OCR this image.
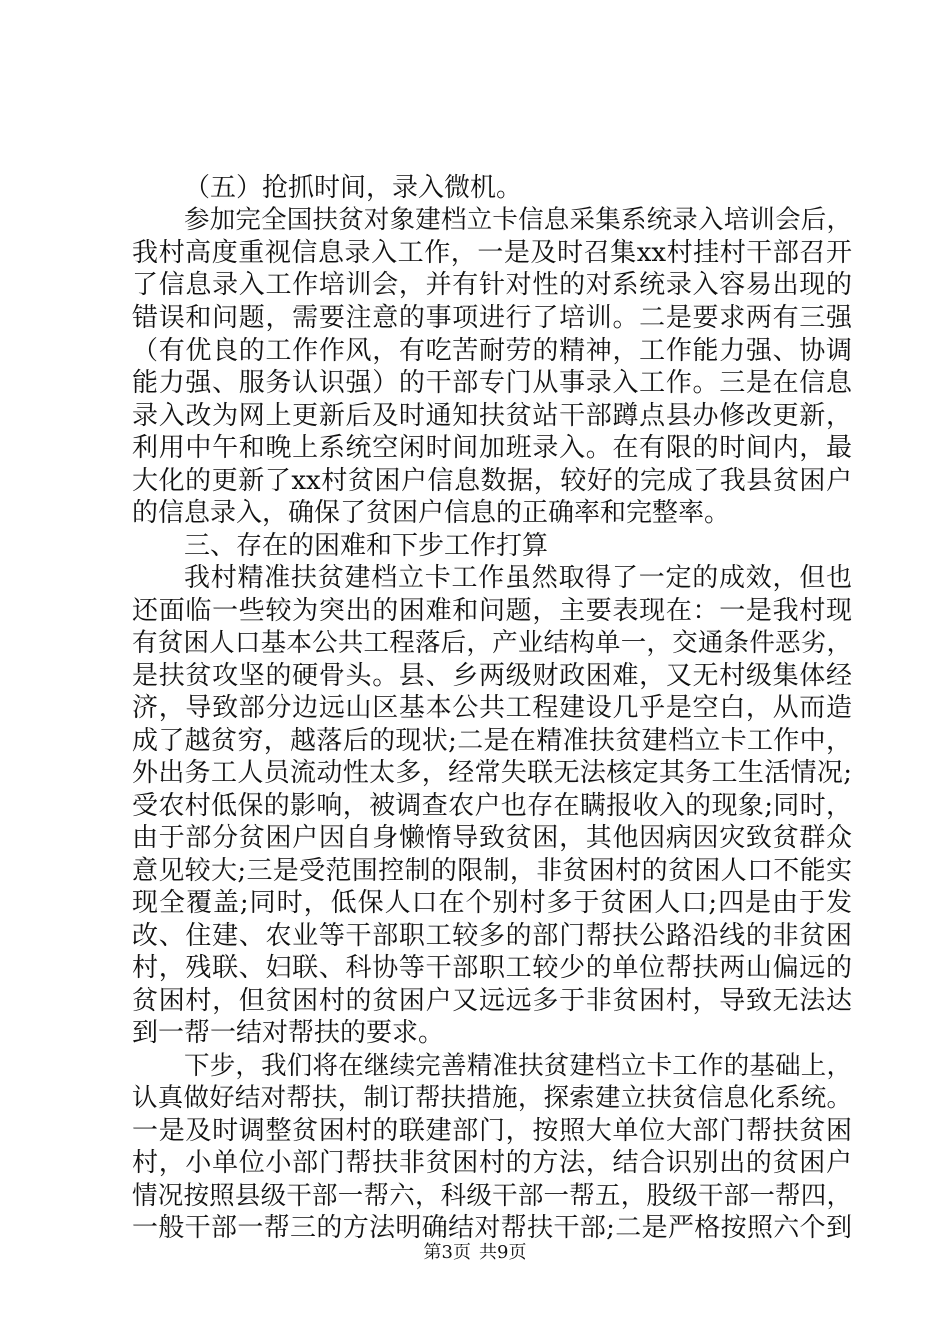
（五）抢抓时间，录入微机。
参加完全国扶贫对象建档立卡信息采集系统录入培训会后，
我村高度重视信息录入工作，一是及时召集xx村挂村干部召开
了信息录入工作培训会，并有针对性的对系统录入容易出现的
错误和问题，需要注意的事项进行了培训。二是要求两有三强
（有优良的工作作风，有吃苦耐劳的精神，工作能力强、协调
能力强、服务认识强）的干部专门从事录入工作。三是在信息
录入改为网上更新后及时通知扶贫站干部蹲点县办修改更新，
利用中午和晚上系统空闲时间加班录入。在有限的时间内，最
大化的更新了xx村贫困户信息数据，较好的完成了我县贫困户
的信息录入，确保了贫困户信息的正确率和完整率。
三、存在的困难和下步工作打算
我村精准扶贫建档立卡工作虽然取得了一定的成效，但也
还面临一些较为突出的困难和问题，主要表现在：一是我村现
有贫困人口基本公共工程落后，产业结构单一，交通条件恶劣，
是扶贫攻坚的硬骨头。县、乡两级财政困难，又无村级集体经
济，导致部分边远山区基本公共工程建设几乎是空白，从而造
成了越贫穷，越落后的现状;二是在精准扶贫建档立卡工作中，
外出务工人员流动性太多，经常失联无法核定其务工生活情况;
受农村低保的影响，被调查农户也存在瞒报收入的现象;同时，
由于部分贫困户因自身懒惰导致贫困，其他因病因灾致贫群众
意见较大;三是受范围控制的限制，非贫困村的贫困人口不能实
现全覆盖;同时，低保人口在个别村多于贫困人口;四是由于发
改、住建、农业等干部职工较多的部门帮扶公路沿线的非贫困
村，残联、妇联、科协等干部职工较少的单位帮扶两山偏远的
贫困村，但贫困村的贫困户又远远多于非贫困村，导致无法达
到一帮一结对帮扶的要求。
下步，我们将在继续完善精准扶贫建档立卡工作的基础上，
认真做好结对帮扶，制订帮扶措施，探索建立扶贫信息化系统。
一是及时调整贫困村的联建部门，按照大单位大部门帮扶贫困
村，小单位小部门帮扶非贫困村的方法，结合识别出的贫困户
情况按照县级干部一帮六，科级干部一帮五，股级干部一帮四，
一般干部一帮三的方法明确结对帮扶干部;二是严格按照六个到
第3页 共9页
